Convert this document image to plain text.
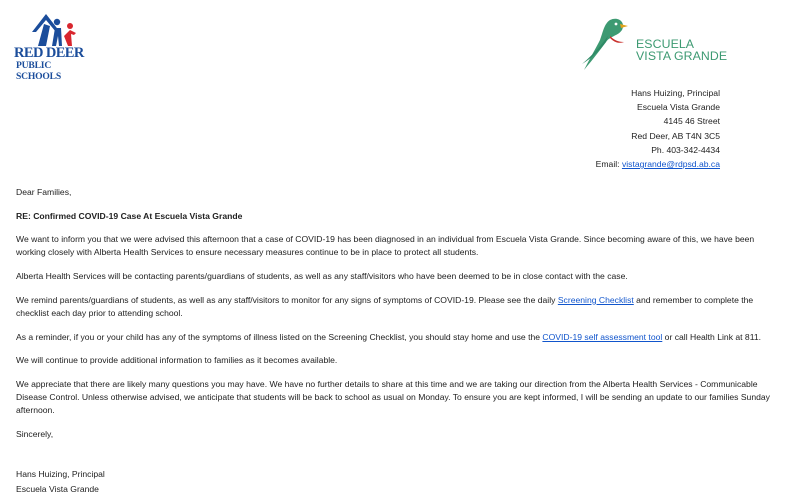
RED DEER
PUBLIC SCHOOLS
ESCUELA
VISTA GRANDE
Hans Huizing, Principal
Escuela Vista Grande
4145 46 Street
Red Deer, AB T4N 3C5
Ph. 403-342-4434
Email: vistagrande@rdpsd.ab.ca

Dear Families,

RE: Confirmed COVID-19 Case At Escuela Vista Grande

We want to inform you that we were advised this afternoon that a case of COVID-19 has been diagnosed in an individual from Escuela Vista Grande. Since becoming aware of this, we have been working closely with Alberta Health Services to ensure necessary measures continue to be in place to protect all students.

Alberta Health Services will be contacting parents/guardians of students, as well as any staff/visitors who have been deemed to be in close contact with the case.

We remind parents/guardians of students, as well as any staff/visitors to monitor for any signs of symptoms of COVID-19. Please see the daily Screening Checklist and remember to complete the checklist each day prior to attending school.

As a reminder, if you or your child has any of the symptoms of illness listed on the Screening Checklist, you should stay home and use the COVID-19 self assessment tool or call Health Link at 811.

We will continue to provide additional information to families as it becomes available.

We appreciate that there are likely many questions you may have. We have no further details to share at this time and we are taking our direction from the Alberta Health Services - Communicable Disease Control. Unless otherwise advised, we anticipate that students will be back to school as usual on Monday. To ensure you are kept informed, I will be sending an update to our families Sunday afternoon.

Sincerely,

Hans Huizing, Principal
Escuela Vista Grande
